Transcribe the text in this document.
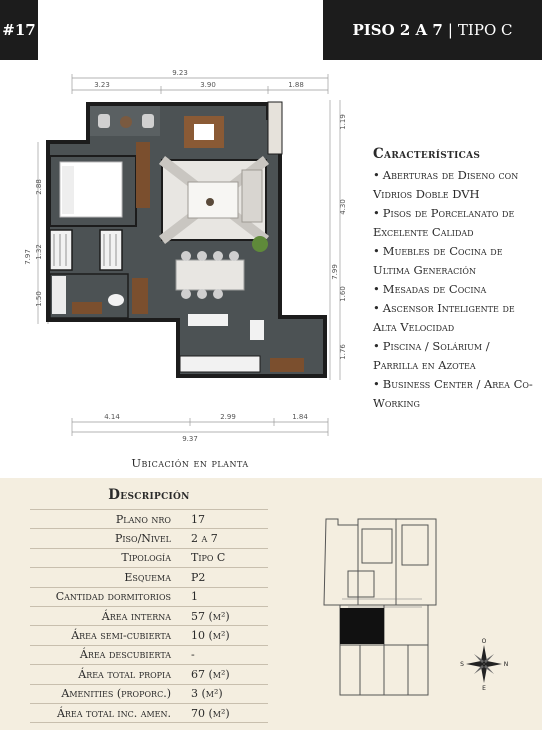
#17	PISO 2 A 7 | TIPO C
9.23
3.23	3.90	1.88
4.14	2.99	1.84
9.37
7.97
2.88
1.32
1.50
7.99
1.19
4.30
1.60
1.76
Ubicación en planta
Características
• Aberturas de Diseno con Vidrios Doble DVH
• Pisos de Porcelanato de Excelente Calidad
• Muebles de Cocina de Ultima Generación
• Mesadas de Cocina
• Ascensor Inteligente de Alta Velocidad
• Piscina / Solárium / Parrilla en Azotea
• Business Center / Area Co-Working
Descripción
Plano nro	17
Piso/Nivel	2 a 7
Tipología	Tipo C
Esquema	P2
Cantidad dormitorios	1
Área interna	57 (m²)
Área semi-cubierta	10 (m²)
Área descubierta	-
Área total propia	67 (m²)
Amenities (proporc.)	3 (m²)
Área total inc. amen.	70 (m²)
O
E
S	N
